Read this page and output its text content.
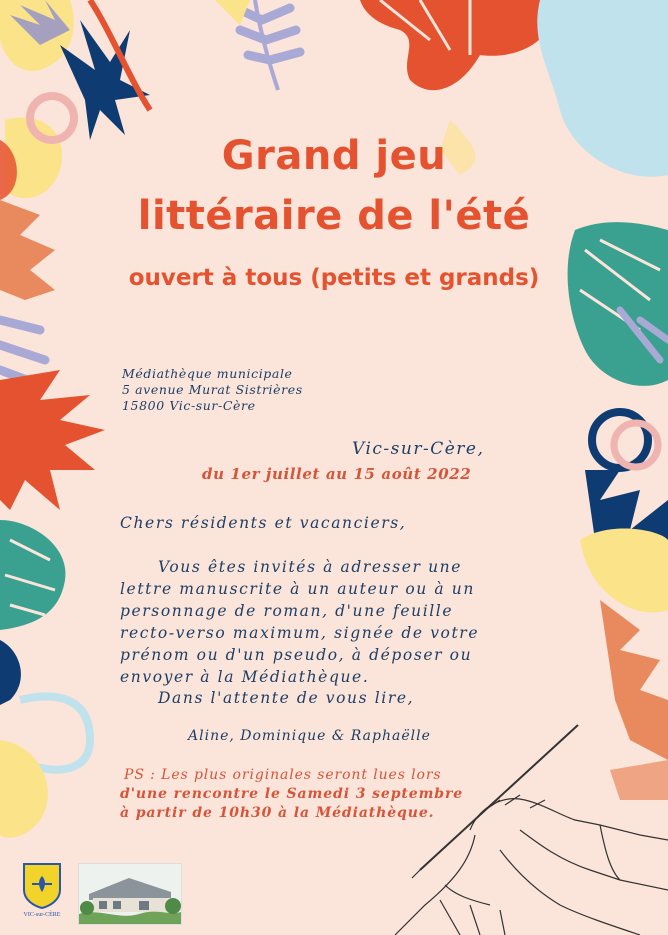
Grand jeu
littéraire de l'été
ouvert à tous (petits et grands)
Médiathèque municipale
5 avenue Murat Sistrières
15800 Vic-sur-Cère
Vic-sur-Cère,
du 1er juillet au 15 août 2022
Chers résidents et vacanciers,
Vous êtes invités à adresser une
lettre manuscrite à un auteur ou à un
personnage de roman, d'une feuille
recto-verso maximum, signée de votre
prénom ou d'un pseudo, à déposer ou
envoyer à la Médiathèque.
Dans l'attente de vous lire,
Aline, Dominique & Raphaëlle
PS : Les plus originales seront lues lors
d'une rencontre le Samedi 3 septembre
à partir de 10h30 à la Médiathèque.
VIC-sur-CÈRE
